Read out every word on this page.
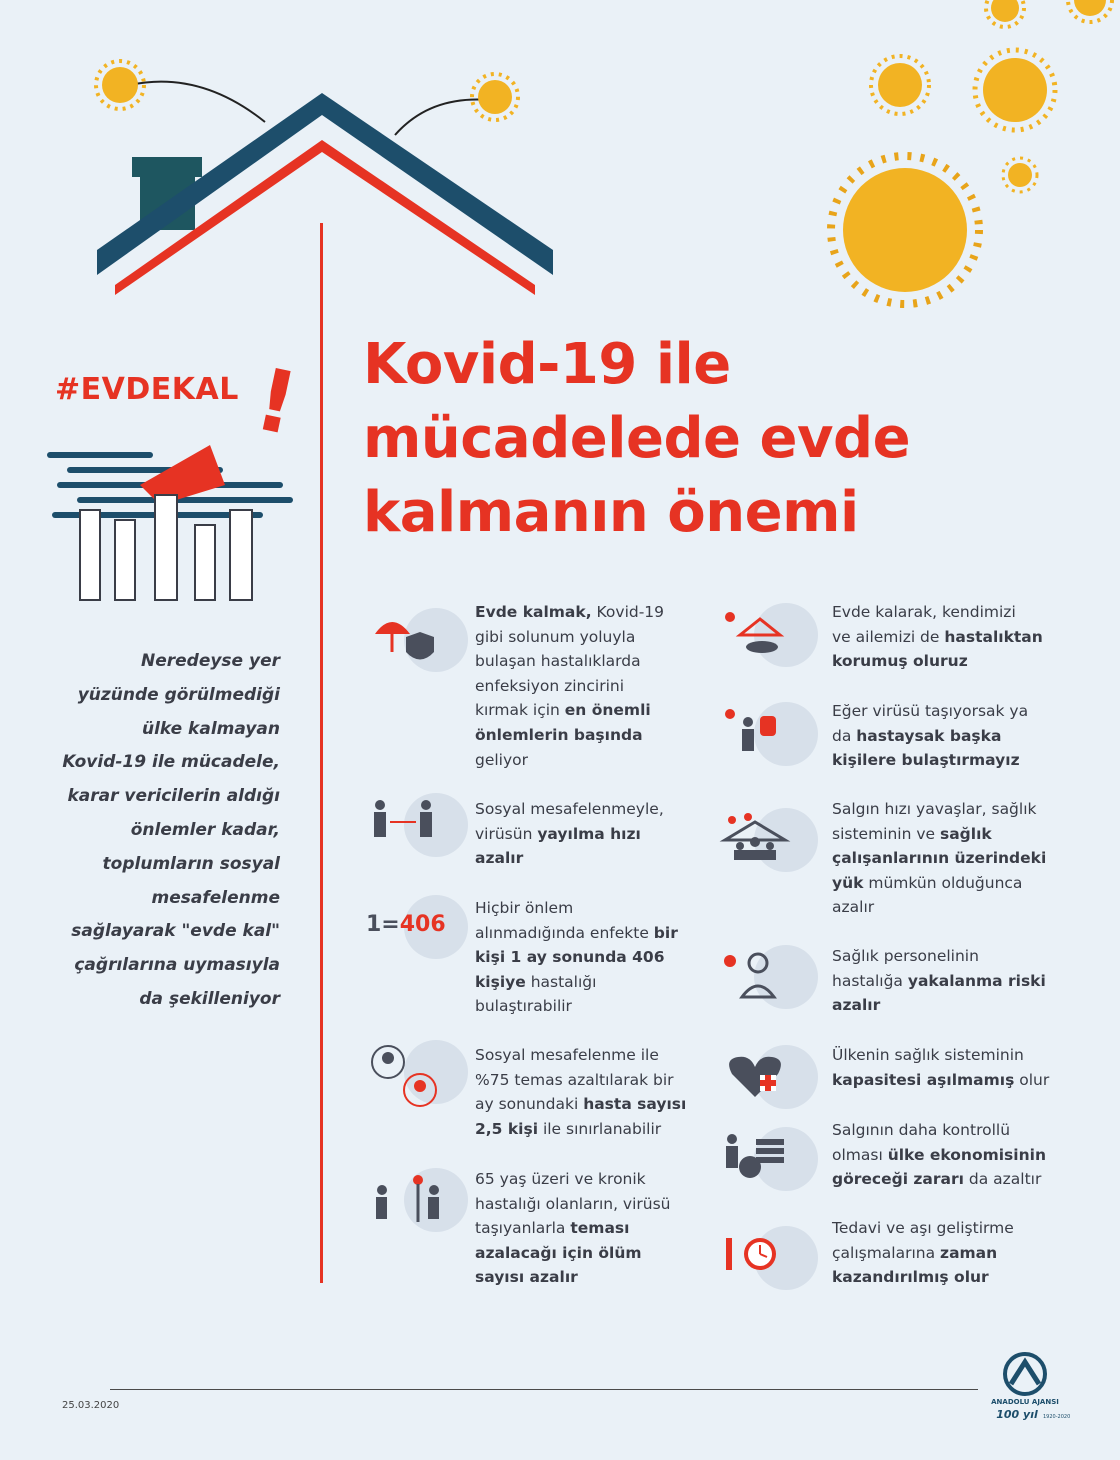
#EVDEKAL ! Kovid-19 ile
mücadelede evde
kalmanın önemi
Neredeyse yer
yüzünde görülmediği
ülke kalmayan
Kovid-19 ile mücadele,
karar vericilerin aldığı
önlemler kadar,
toplumların sosyal
mesafelenme
sağlayarak "evde kal"
çağrılarına uymasıyla
da şekilleniyor
Evde kalmak, Kovid-19
gibi solunum yoluyla
bulaşan hastalıklarda
enfeksiyon zincirini
kırmak için en önemli
önlemlerin başında
geliyor
Sosyal mesafelenmeyle,
virüsün yayılma hızı
azalır
Hiçbir önlem
alınmadığında enfekte bir
kişi 1 ay sonunda 406
kişiye hastalığı
bulaştırabilir
Sosyal mesafelenme ile
%75 temas azaltılarak bir
ay sonundaki hasta sayısı
2,5 kişi ile sınırlanabilir
65 yaş üzeri ve kronik
hastalığı olanların, virüsü
taşıyanlarla teması
azalacağı için ölüm
sayısı azalır
Evde kalarak, kendimizi
ve ailemizi de hastalıktan
korumuş oluruz
Eğer virüsü taşıyorsak ya
da hastaysak başka
kişilere bulaştırmayız
Salgın hızı yavaşlar, sağlık
sisteminin ve sağlık
çalışanlarının üzerindeki
yük mümkün olduğunca
azalır
Sağlık personelinin
hastalığa yakalanma riski
azalır
Ülkenin sağlık sisteminin
kapasitesi aşılmamış olur
Salgının daha kontrollü
olması ülke ekonomisinin
göreceği zararı da azaltır
Tedavi ve aşı geliştirme
çalışmalarına zaman
kazandırılmış olur
1=406
25.03.2020	ANADOLU AJANSI
100 yıl 1920-2020
